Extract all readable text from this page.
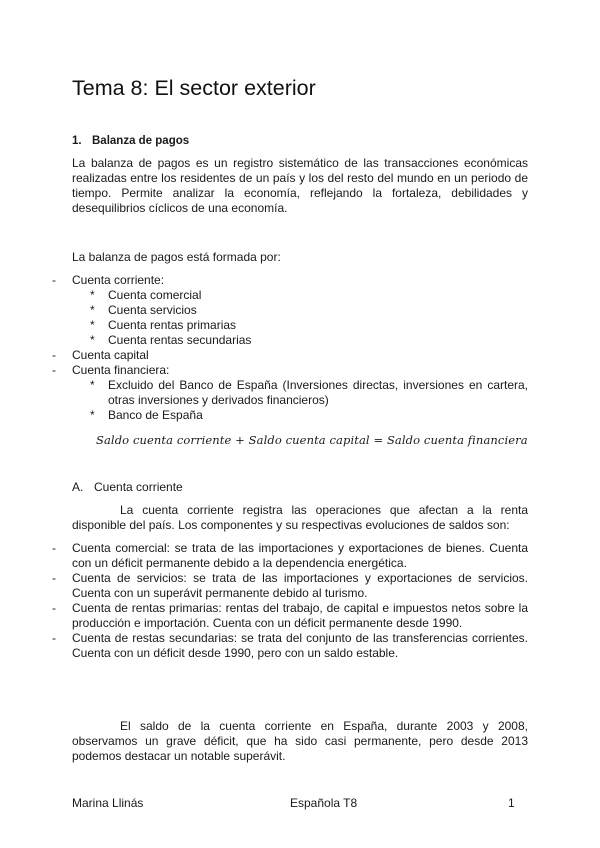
Tema 8: El sector exterior
1. Balanza de pagos
La balanza de pagos es un registro sistemático de las transacciones económicas realizadas entre los residentes de un país y los del resto del mundo en un periodo de tiempo. Permite analizar la economía, reflejando la fortaleza, debilidades y desequilibrios cíclicos de una economía.
La balanza de pagos está formada por:
- Cuenta corriente:
* Cuenta comercial
* Cuenta servicios
* Cuenta rentas primarias
* Cuenta rentas secundarias
- Cuenta capital
- Cuenta financiera:
* Excluido del Banco de España (Inversiones directas, inversiones en cartera, otras inversiones y derivados financieros)
* Banco de España
Saldo cuenta corriente + Saldo cuenta capital = Saldo cuenta financiera
A. Cuenta corriente
La cuenta corriente registra las operaciones que afectan a la renta disponible del país. Los componentes y su respectivas evoluciones de saldos son:
- Cuenta comercial: se trata de las importaciones y exportaciones de bienes. Cuenta con un déficit permanente debido a la dependencia energética.
- Cuenta de servicios: se trata de las importaciones y exportaciones de servicios. Cuenta con un superávit permanente debido al turismo.
- Cuenta de rentas primarias: rentas del trabajo, de capital e impuestos netos sobre la producción e importación. Cuenta con un déficit permanente desde 1990.
- Cuenta de restas secundarias: se trata del conjunto de las transferencias corrientes. Cuenta con un déficit desde 1990, pero con un saldo estable.
El saldo de la cuenta corriente en España, durante 2003 y 2008, observamos un grave déficit, que ha sido casi permanente, pero desde 2013 podemos destacar un notable superávit.
Marina Llinás	Española T8	1
